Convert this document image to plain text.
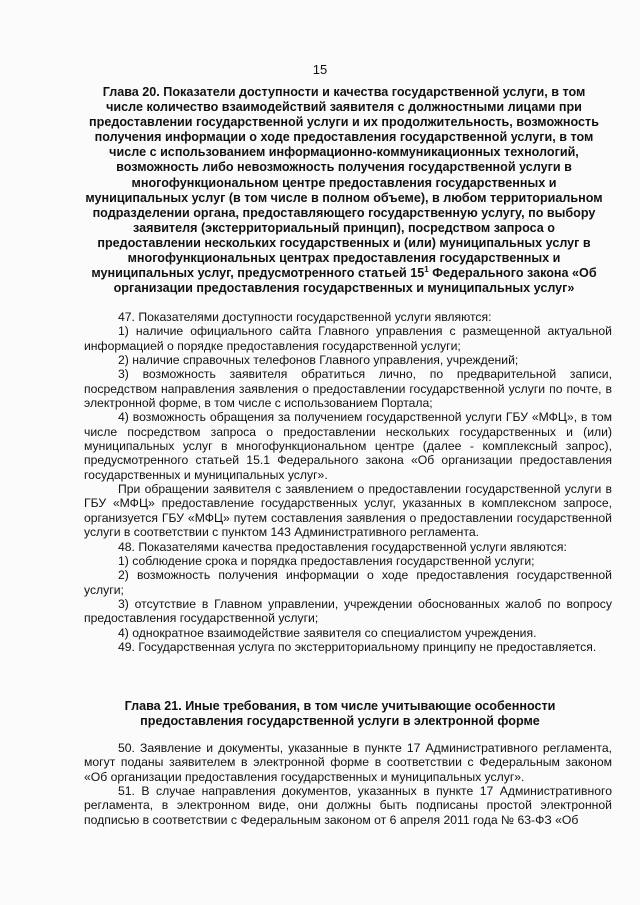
15
Глава 20. Показатели доступности и качества государственной услуги, в том числе количество взаимодействий заявителя с должностными лицами при предоставлении государственной услуги и их продолжительность, возможность получения информации о ходе предоставления государственной услуги, в том числе с использованием информационно-коммуникационных технологий, возможность либо невозможность получения государственной услуги в многофункциональном центре предоставления государственных и муниципальных услуг (в том числе в полном объеме), в любом территориальном подразделении органа, предоставляющего государственную услугу, по выбору заявителя (экстерриториальный принцип), посредством запроса о предоставлении нескольких государственных и (или) муниципальных услуг в многофункциональных центрах предоставления государственных и муниципальных услуг, предусмотренного статьей $15^1$ Федерального закона «Об организации предоставления государственных и муниципальных услуг»

47. Показателями доступности государственной услуги являются:

1) наличие официального сайта Главного управления с размещенной актуальной информацией о порядке предоставления государственной услуги;

2) наличие справочных телефонов Главного управления, учреждений;

3) возможность заявителя обратиться лично, по предварительной записи, посредством направления заявления о предоставлении государственной услуги по почте, в электронной форме, в том числе с использованием Портала;

4) возможность обращения за получением государственной услуги ГБУ «МФЦ», в том числе посредством запроса о предоставлении нескольких государственных и (или) муниципальных услуг в многофункциональном центре (далее - комплексный запрос), предусмотренного статьей 15.1 Федерального закона «Об организации предоставления государственных и муниципальных услуг».

При обращении заявителя с заявлением о предоставлении государственной услуги в ГБУ «МФЦ» предоставление государственных услуг, указанных в комплексном запросе, организуется ГБУ «МФЦ» путем составления заявления о предоставлении государственной услуги в соответствии с пунктом 143 Административного регламента.

48. Показателями качества предоставления государственной услуги являются:

1) соблюдение срока и порядка предоставления государственной услуги;

2) возможность получения информации о ходе предоставления государственной услуги;

3) отсутствие в Главном управлении, учреждении обоснованных жалоб по вопросу предоставления государственной услуги;

4) однократное взаимодействие заявителя со специалистом учреждения.

49. Государственная услуга по экстерриториальному принципу не предоставляется.

Глава 21. Иные требования, в том числе учитывающие особенности предоставления государственной услуги в электронной форме

50. Заявление и документы, указанные в пункте 17 Административного регламента, могут поданы заявителем в электронной форме в соответствии с Федеральным законом «Об организации предоставления государственных и муниципальных услуг».

51. В случае направления документов, указанных в пункте 17 Административного регламента, в электронном виде, они должны быть подписаны простой электронной подписью в соответствии с Федеральным законом от 6 апреля 2011 года № 63-ФЗ «Об
